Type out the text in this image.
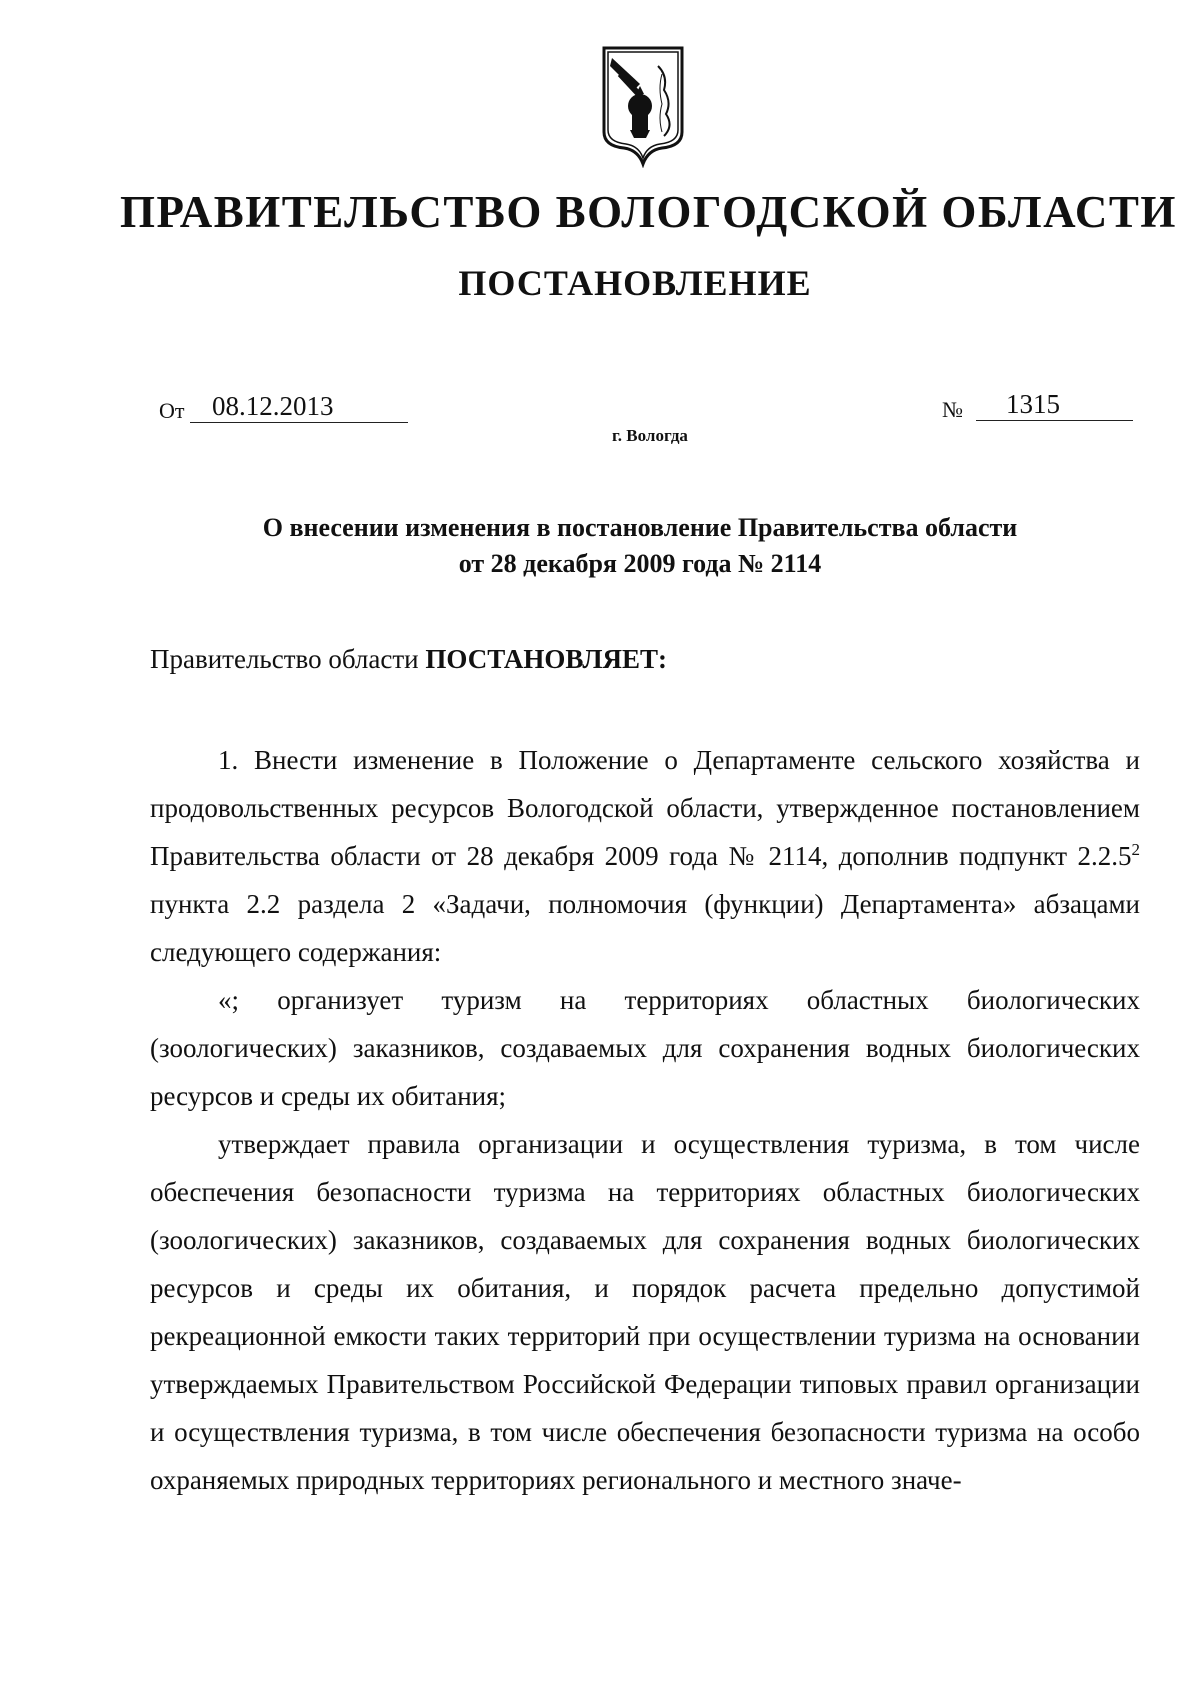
ПРАВИТЕЛЬСТВО ВОЛОГОДСКОЙ ОБЛАСТИ
ПОСТАНОВЛЕНИЕ
От	08.12.2013	№	1315
г. Вологда
О внесении изменения в постановление Правительства области
от 28 декабря 2009 года № 2114
Правительство области ПОСТАНОВЛЯЕТ:

1. Внести изменение в Положение о Департаменте сельского хозяйства и продовольственных ресурсов Вологодской области, утвержденное постановлением Правительства области от 28 декабря 2009 года № 2114, дополнив подпункт 2.2.5$^2$ пункта 2.2 раздела 2 «Задачи, полномочия (функции) Департамента» абзацами следующего содержания:

«; организует туризм на территориях областных биологических (зоологических) заказников, создаваемых для сохранения водных биологических ресурсов и среды их обитания;

утверждает правила организации и осуществления туризма, в том числе обеспечения безопасности туризма на территориях областных биологических (зоологических) заказников, создаваемых для сохранения водных биологических ресурсов и среды их обитания, и порядок расчета предельно допустимой рекреационной емкости таких территорий при осуществлении туризма на основании утверждаемых Правительством Российской Федерации типовых правил организации и осуществления туризма, в том числе обеспечения безопасности туризма на особо охраняемых природных территориях регионального и местного значе-
